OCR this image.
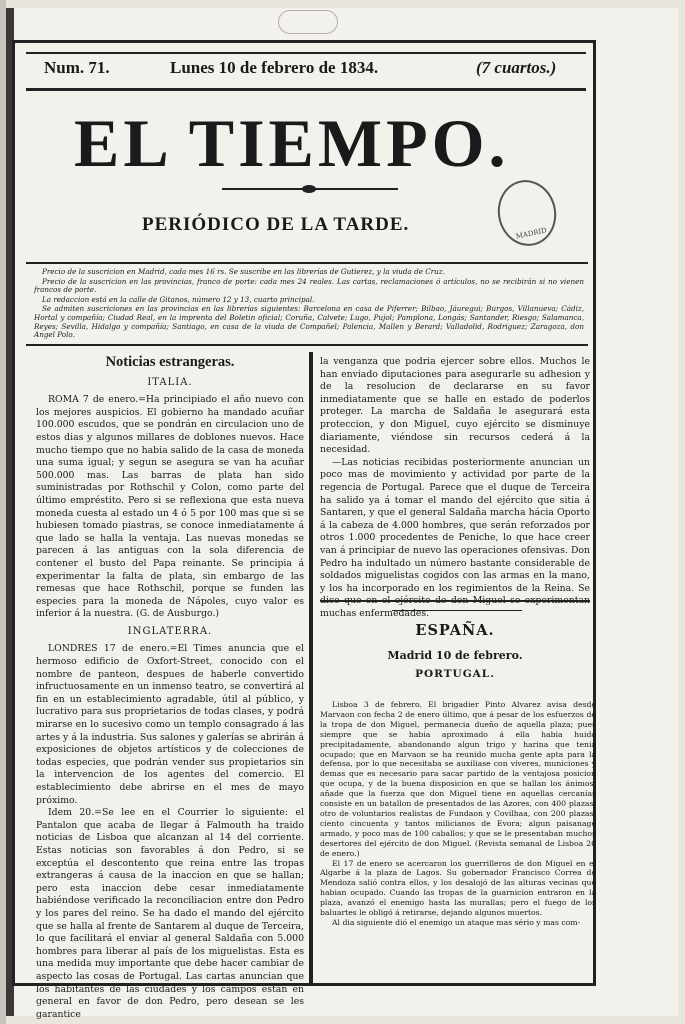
Num. 71.	Lunes 10 de febrero de 1834.	(7 cuartos.)
EL TIEMPO.
PERIÓDICO DE LA TARDE.	MADRID

Precio de la suscricion en Madrid, cada mes 16 rs. Se suscribe en las librerías de Gutierez, y la viuda de Cruz.

Precio de la suscricion en las provincias, franco de porte: cada mes 24 reales. Las cartas, reclamaciones ó artículos, no se recibirán si no vienen francos de porte.

La redaccion está en la calle de Gitanos, número 12 y 13, cuarto principal.

Se admiten suscriciones en las provincias en las librerías siguientes: Barcelona en casa de Piferrer; Bilbao, Jáuregui; Burgos, Villanueva; Cádiz, Hortal y compañía; Ciudad Real, en la imprenta del Boletin oficial; Coruña, Calvete; Lugo, Pujol; Pamplona, Longás; Santander, Riesgo; Salamanca, Reyes; Sevilla, Hidalgo y compañía; Santiago, en casa de la viuda de Compañel; Palencia, Mallen y Berard; Valladolid, Rodriguez; Zaragoza, don Angel Polo.

Noticias estrangeras.
ITALIA.

ROMA 7 de enero.=Ha principiado el año nuevo con los mejores auspicios. El gobierno ha mandado acuñar 100.000 escudos, que se pondrán en circulacion uno de estos dias y algunos millares de doblones nuevos. Hace mucho tiempo que no habia salido de la casa de moneda una suma igual; y segun se asegura se van ha acuñar 500.000 mas. Las barras de plata han sido suministradas por Rothschil y Colon, como parte del último empréstito. Pero si se reflexiona que esta nueva moneda cuesta al estado un 4 ó 5 por 100 mas que si se hubiesen tomado piastras, se conoce inmediatamente á que lado se halla la ventaja. Las nuevas monedas se parecen á las antiguas con la sola diferencia de contener el busto del Papa reinante. Se principia á experimentar la falta de plata, sin embargo de las remesas que hace Rothschil, porque se funden las especies para la moneda de Nápoles, cuyo valor es inferior á la nuestra. (G. de Ausburgo.)

INGLATERRA.

LONDRES 17 de enero.=El Times anuncia que el hermoso edificio de Oxfort-Street, conocido con el nombre de panteon, despues de haberle convertido infructuosamente en un inmenso teatro, se convertirá al fin en un establecimiento agradable, útil al público, y lucrativo para sus proprietarios de todas clases, y podrá mirarse en lo sucesivo como un templo consagrado á las artes y á la industria. Sus salones y galerías se abrirán á exposiciones de objetos artísticos y de colecciones de todas especies, que podrán vender sus propietarios sin la intervencion de los agentes del comercio. El establecimiento debe abrirse en el mes de mayo próximo.

Idem 20.=Se lee en el Courrier lo siguiente: el Pantalon que acaba de llegar á Falmouth ha traido noticias de Lisboa que alcanzan al 14 del corriente. Estas noticias son favorables á don Pedro, si se exceptúa el descontento que reina entre las tropas extrangeras á causa de la inaccion en que se hallan; pero esta inaccion debe cesar inmediatamente habiéndose verificado la reconciliacion entre don Pedro y los pares del reino. Se ha dado el mando del ejército que se halla al frente de Santarem al duque de Terceira, lo que facilitará el enviar al general Saldaña con 5.000 hombres para liberar al país de los miguelistas. Esta es una medida muy importante que debe hacer cambiar de aspecto las cosas de Portugal. Las cartas anuncian que los habitantes de las ciudades y los campos están en general en favor de don Pedro, pero desean se les garantice

la venganza que podria ejercer sobre ellos. Muchos le han enviado diputaciones para asegurarle su adhesion y de la resolucion de declararse en su favor inmediatamente que se halle en estado de poderlos proteger. La marcha de Saldaña le asegurará esta proteccion, y don Miguel, cuyo ejército se disminuye diariamente, viéndose sin recursos cederá á la necesidad.

—Las noticias recibidas posteriormente anuncian un poco mas de movimiento y actividad por parte de la regencia de Portugal. Parece que el duque de Terceira ha salido ya á tomar el mando del ejército que sitia á Santaren, y que el general Saldaña marcha hácia Oporto á la cabeza de 4.000 hombres, que serán reforzados por otros 1.000 procedentes de Peniche, lo que hace creer van á principiar de nuevo las operaciones ofensivas. Don Pedro ha indultado un número bastante considerable de soldados miguelistas cogidos con las armas en la mano, y los ha incorporado en los regimientos de la Reina. Se dice que en el ejército de don Miguel se experimentan muchas enfermedades.

ESPAÑA.
Madrid 10 de febrero.
PORTUGAL.

Lisboa 3 de febrero. El brigadier Pinto Alvarez avisa desde Marvaon con fecha 2 de enero último, que á pesar de los esfuerzos de la tropa de don Miguel, permanecia dueño de aquella plaza; pues siempre que se habia aproximado á ella habia huido precipitadamente, abandonando algun trigo y harina que tenia ocupado; que en Marvaon se ha reunido mucha gente apta para la defensa, por lo que necesitaba se auxiliase con víveres, municiones y demas que es necesario para sacar partido de la ventajosa posicion que ocupa, y de la buena disposicion en que se hallan los ánimos; añade que la fuerza que don Miguel tiene en aquellas cercanías consiste en un batallon de presentados de las Azores, con 400 plazas; otro de voluntarios realistas de Fundaon y Covilhaa, con 200 plazas; ciento cincuenta y tantos milicianos de Evora; algun paisanage armado, y poco mas de 100 caballos; y que se le presentaban muchos desertores del ejército de don Miguel. (Revista semanal de Lisboa 26 de enero.)

El 17 de enero se acercaron los guerrilleros de don Miguel en el Algarbe á la plaza de Lagos. Su gobernador Francisco Correa de Mendoza salió contra ellos, y los desalojó de las alturas vecinas que habian ocupado. Cuando las tropas de la guarnicion entraron en la plaza, avanzó el enemigo hasta las murallas; pero el fuego de los baluartes le obligó á retirarse, dejando algunos muertos.

Al dia siguiente dió el enemigo un ataque mas sério y mas com-
